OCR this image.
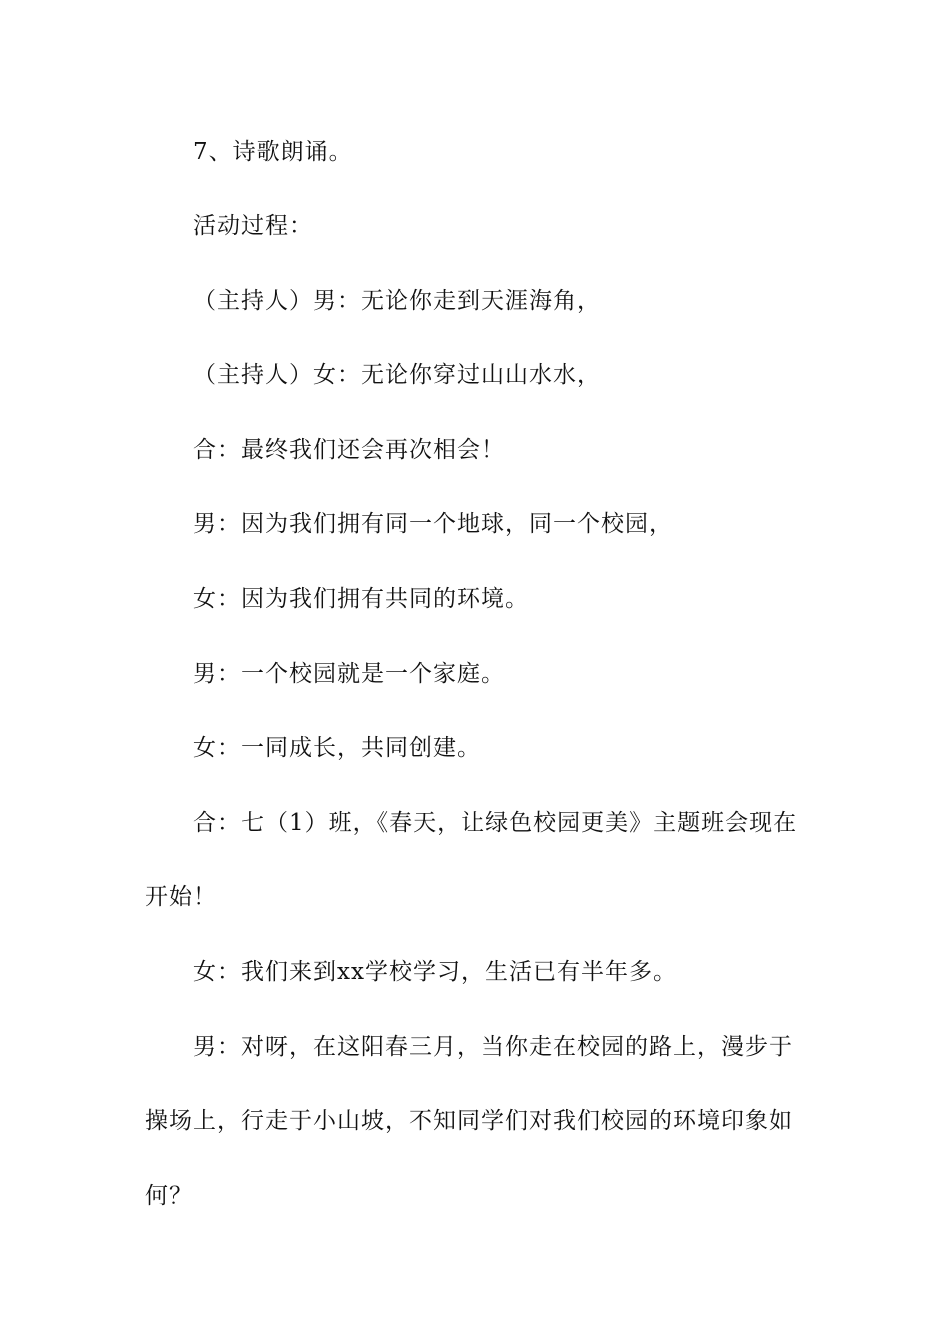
7、诗歌朗诵。
活动过程：
（主持人）男：无论你走到天涯海角，
（主持人）女：无论你穿过山山水水，
合：最终我们还会再次相会！
男：因为我们拥有同一个地球，同一个校园，
女：因为我们拥有共同的环境。
男：一个校园就是一个家庭。
女：一同成长，共同创建。
合：七（1）班，《春天，让绿色校园更美》主题班会现在
开始！
女：我们来到xx学校学习，生活已有半年多。
男：对呀，在这阳春三月，当你走在校园的路上，漫步于
操场上，行走于小山坡，不知同学们对我们校园的环境印象如
何？
